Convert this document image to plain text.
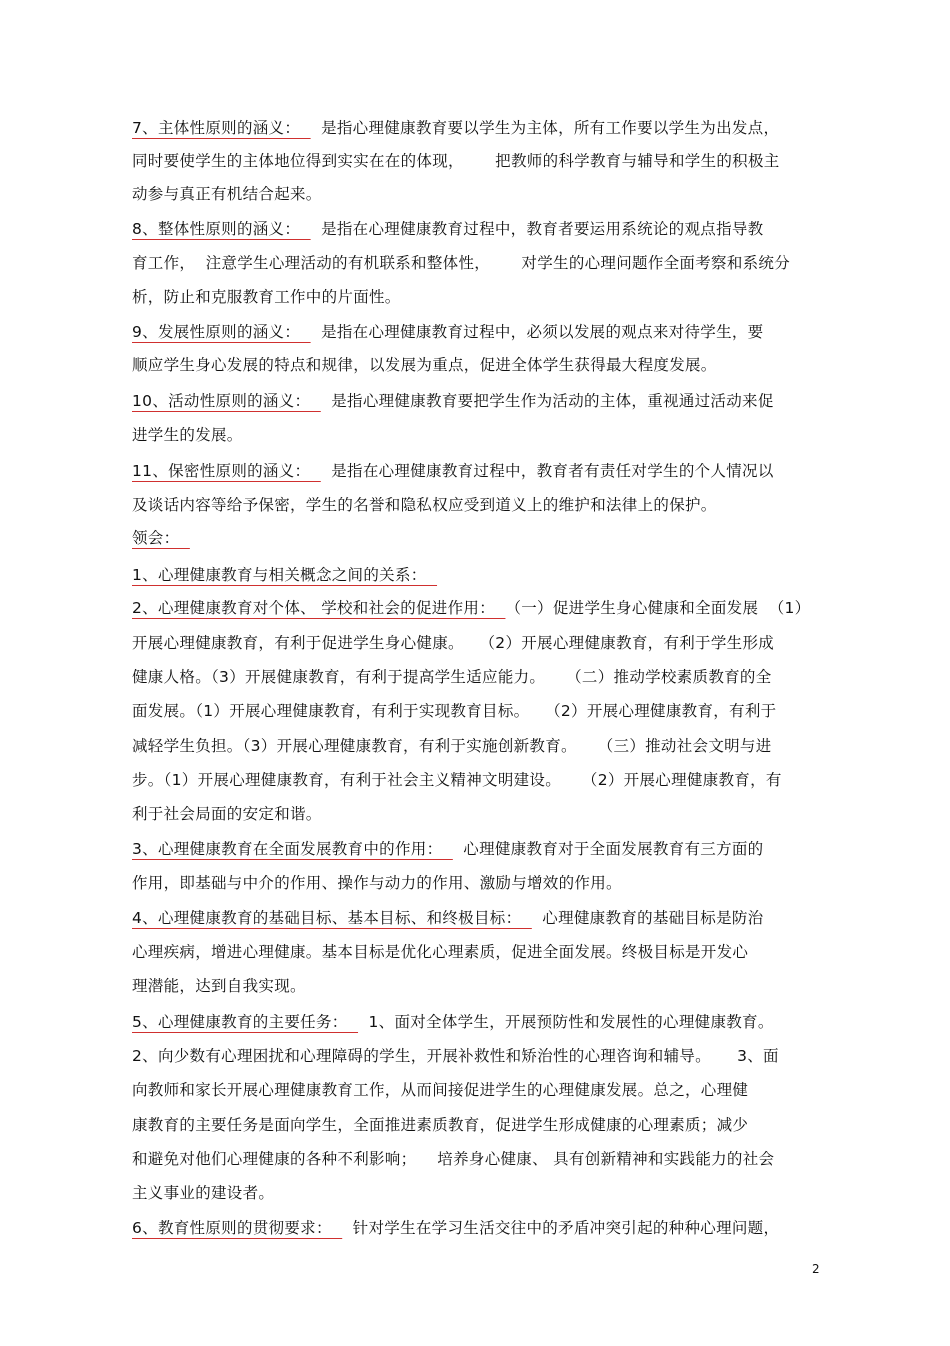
7、主体性原则的涵义：    是指心理健康教育要以学生为主体，所有工作要以学生为出发点，
同时要使学生的主体地位得到实实在在的体现，      把教师的科学教育与辅导和学生的积极主
动参与真正有机结合起来。
8、整体性原则的涵义：    是指在心理健康教育过程中，教育者要运用系统论的观点指导教
育工作，  注意学生心理活动的有机联系和整体性，      对学生的心理问题作全面考察和系统分
析，防止和克服教育工作中的片面性。
9、发展性原则的涵义：    是指在心理健康教育过程中，必须以发展的观点来对待学生，要
顺应学生身心发展的特点和规律，以发展为重点，促进全体学生获得最大程度发展。
10、活动性原则的涵义：    是指心理健康教育要把学生作为活动的主体，重视通过活动来促
进学生的发展。
11、保密性原则的涵义：    是指在心理健康教育过程中，教育者有责任对学生的个人情况以
及谈话内容等给予保密，学生的名誉和隐私权应受到道义上的维护和法律上的保护。
领会：
1、心理健康教育与相关概念之间的关系：
2、心理健康教育对个体、 学校和社会的促进作用：  （一）促进学生身心健康和全面发展  （1）
开展心理健康教育，有利于促进学生身心健康。   （2）开展心理健康教育，有利于学生形成
健康人格。（3）开展健康教育，有利于提高学生适应能力。    （二）推动学校素质教育的全
面发展。（1）开展心理健康教育，有利于实现教育目标。   （2）开展心理健康教育，有利于
减轻学生负担。（3）开展心理健康教育，有利于实施创新教育。    （三）推动社会文明与进
步。（1）开展心理健康教育，有利于社会主义精神文明建设。    （2）开展心理健康教育，有
利于社会局面的安定和谐。
3、心理健康教育在全面发展教育中的作用：    心理健康教育对于全面发展教育有三方面的
作用，即基础与中介的作用、操作与动力的作用、激励与增效的作用。
4、心理健康教育的基础目标、基本目标、和终极目标：    心理健康教育的基础目标是防治
心理疾病，增进心理健康。基本目标是优化心理素质，促进全面发展。终极目标是开发心
理潜能，达到自我实现。
5、心理健康教育的主要任务：    1、面对全体学生，开展预防性和发展性的心理健康教育。
2、向少数有心理困扰和心理障碍的学生，开展补救性和矫治性的心理咨询和辅导。     3、面
向教师和家长开展心理健康教育工作，从而间接促进学生的心理健康发展。总之，心理健
康教育的主要任务是面向学生，全面推进素质教育，促进学生形成健康的心理素质；减少
和避免对他们心理健康的各种不利影响；    培养身心健康、 具有创新精神和实践能力的社会
主义事业的建设者。
6、教育性原则的贯彻要求：    针对学生在学习生活交往中的矛盾冲突引起的种种心理问题，
2
